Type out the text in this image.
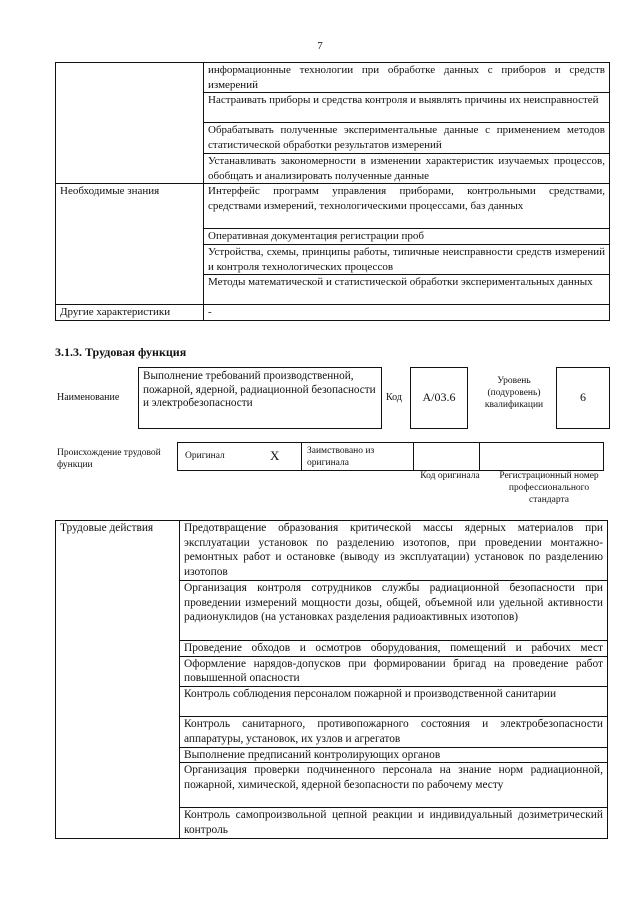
7
	информационные технологии при обработке данных с приборов и средств измерений
	Настраивать приборы и средства контроля и выявлять причины их неисправностей
	Обрабатывать полученные экспериментальные данные с применением методов статистической обработки результатов измерений
	Устанавливать закономерности в изменении характеристик изучаемых процессов, обобщать и анализировать полученные данные
Необходимые знания	Интерфейс программ управления приборами, контрольными средствами, средствами измерений, технологическими процессами, баз данных
	Оперативная документация регистрации проб
	Устройства, схемы, принципы работы, типичные неисправности средств измерений и контроля технологических процессов
	Методы математической и статистической обработки экспериментальных данных
Другие характеристики	-
3.1.3. Трудовая функция
Наименование
Выполнение требований производственной, пожарной, ядерной, радиационной безопасности и электробезопасности	Код	А/03.6
Уровень (подуровень) квалификации
6
Происхождение трудовой функции
Оригинал	X	Заимствовано из оригинала
Код оригинала	Регистрационный номер профессионального стандарта
Трудовые действия	Предотвращение образования критической массы ядерных материалов при эксплуатации установок по разделению изотопов, при проведении монтажно-ремонтных работ и остановке (выводу из эксплуатации) установок по разделению изотопов
Организация контроля сотрудников службы радиационной безопасности при проведении измерений мощности дозы, общей, объемной или удельной активности радионуклидов (на установках разделения радиоактивных изотопов)
Проведение обходов и осмотров оборудования, помещений и рабочих мест
Оформление нарядов-допусков при формировании бригад на проведение работ повышенной опасности
Контроль соблюдения персоналом пожарной и производственной санитарии
Контроль санитарного, противопожарного состояния и электробезопасности аппаратуры, установок, их узлов и агрегатов
Выполнение предписаний контролирующих органов
Организация проверки подчиненного персонала на знание норм радиационной, пожарной, химической, ядерной безопасности по рабочему месту
Контроль самопроизвольной цепной реакции и индивидуальный дозиметрический контроль
